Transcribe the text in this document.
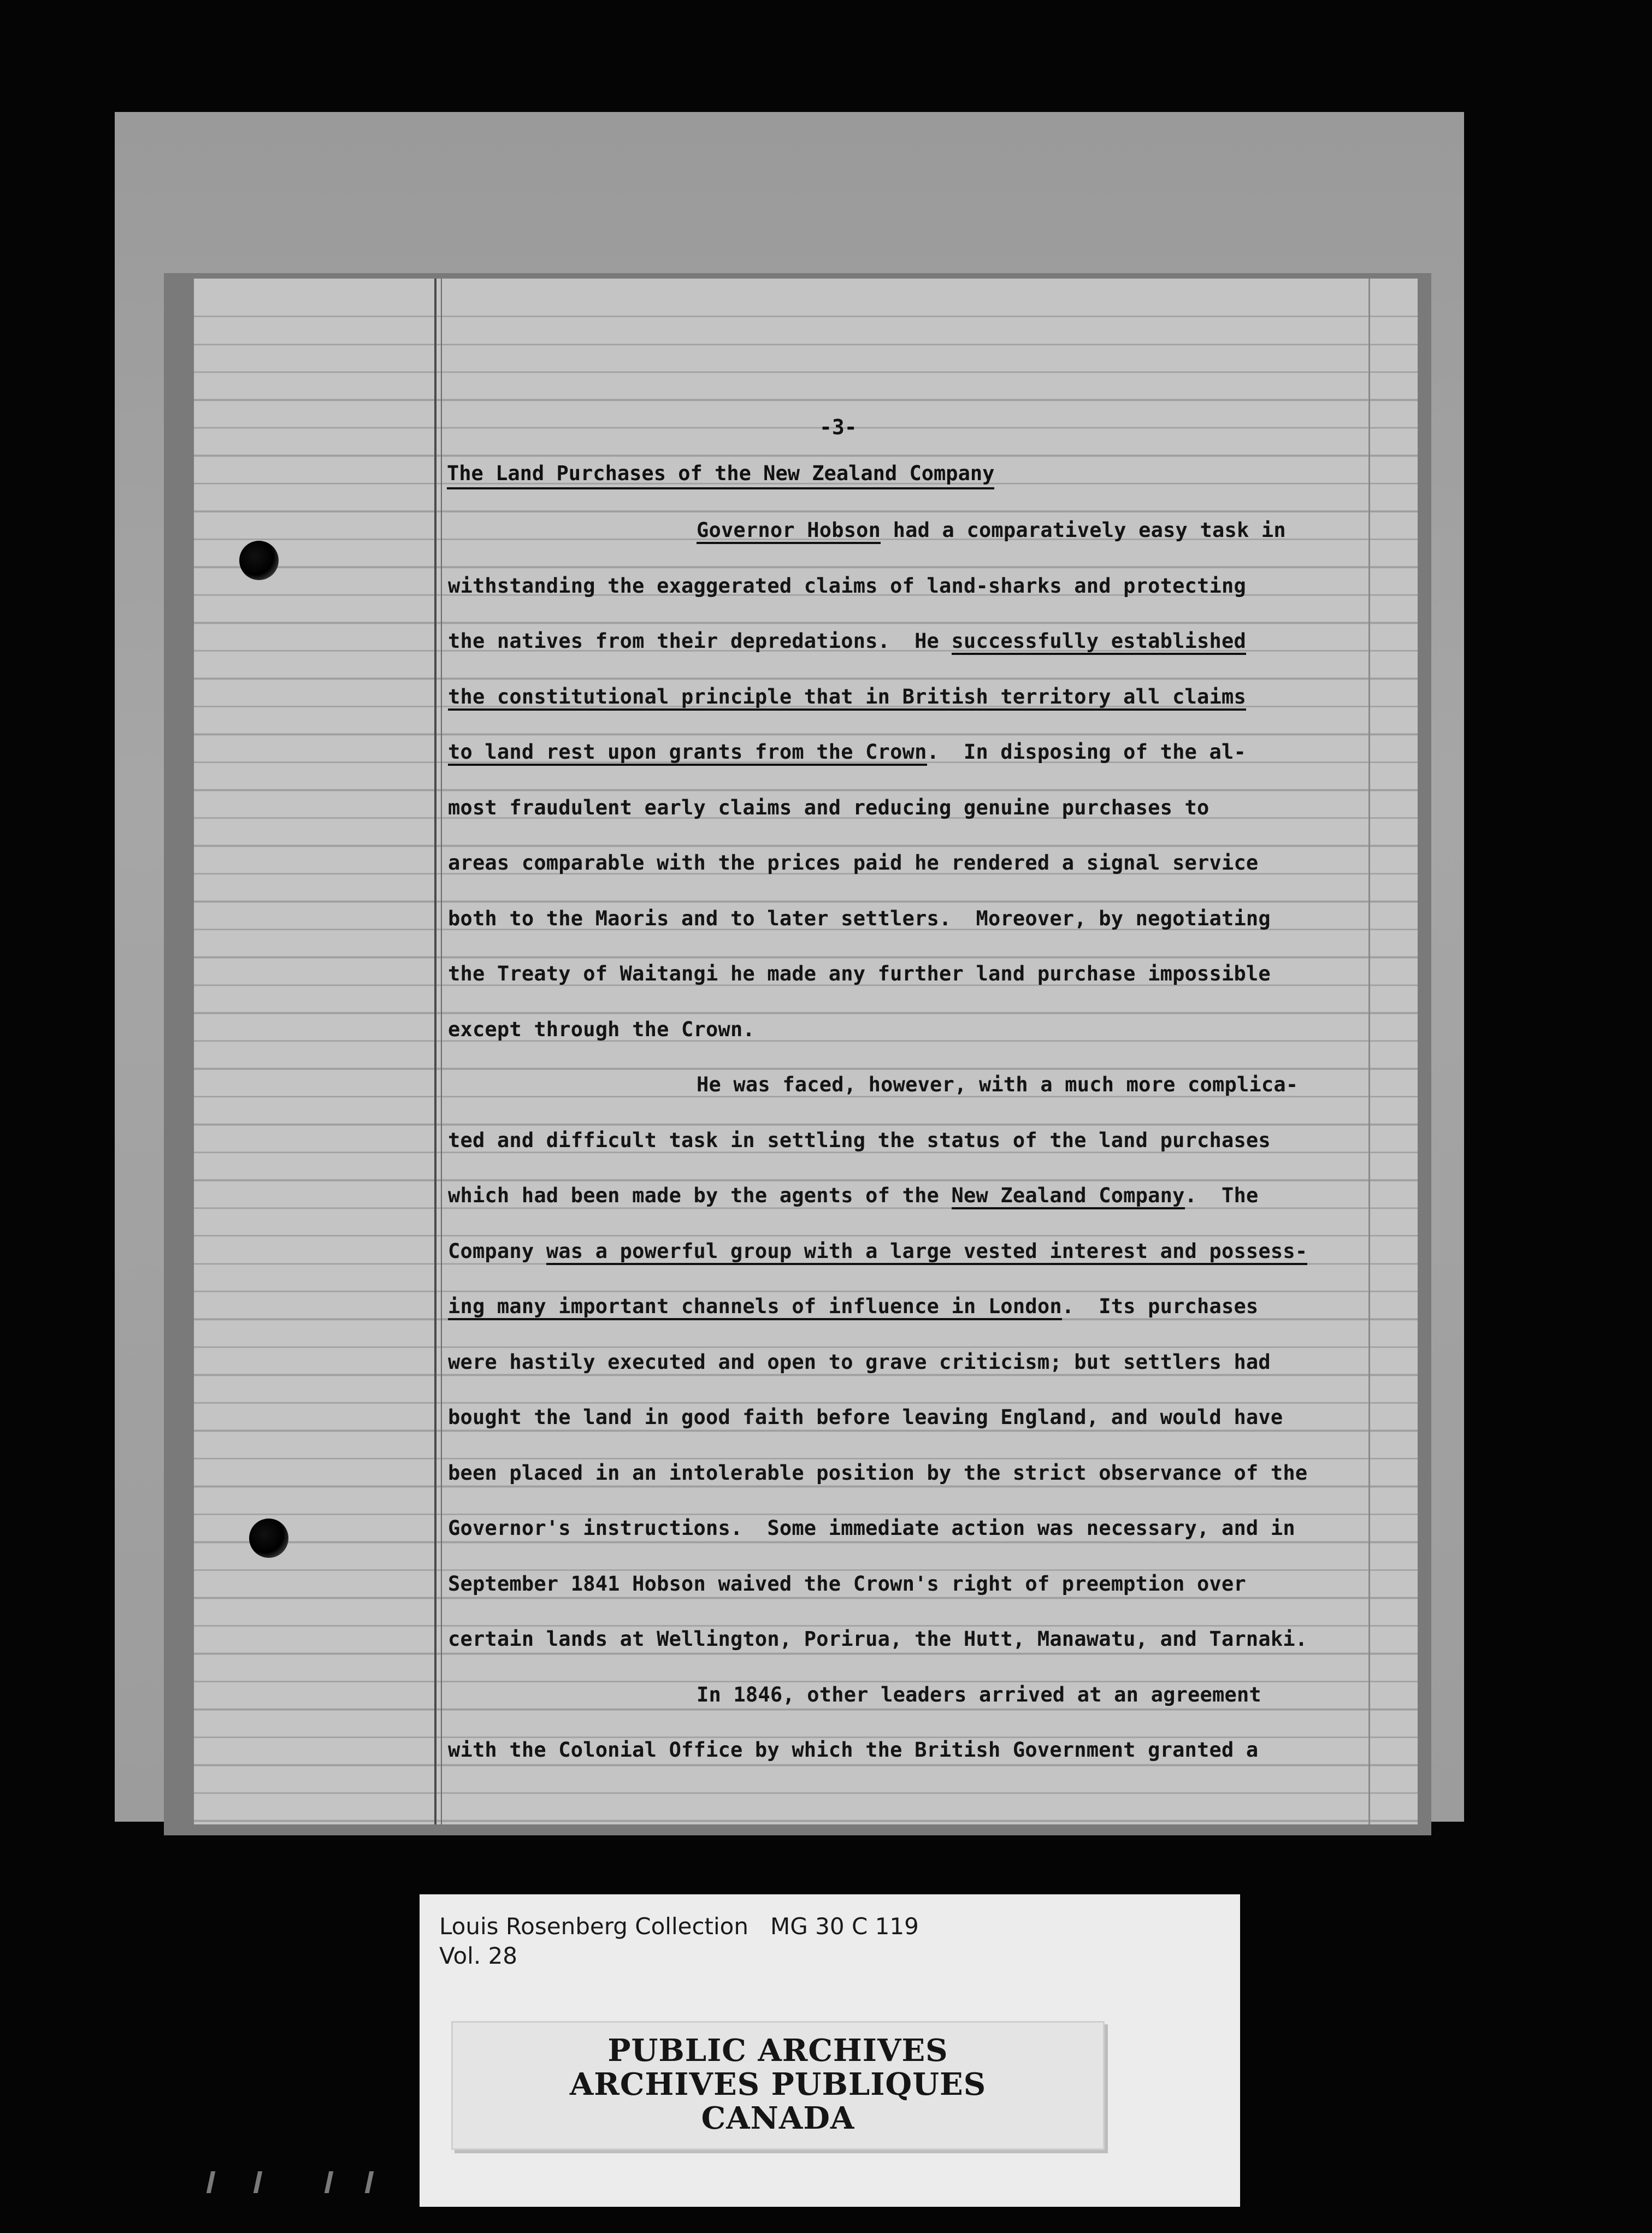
-3-
The Land Purchases of the New Zealand Company
Governor Hobson had a comparatively easy task in
withstanding the exaggerated claims of land-sharks and protecting
the natives from their depredations.  He successfully established
the constitutional principle that in British territory all claims
to land rest upon grants from the Crown.  In disposing of the al-
most fraudulent early claims and reducing genuine purchases to
areas comparable with the prices paid he rendered a signal service
both to the Maoris and to later settlers.  Moreover, by negotiating
the Treaty of Waitangi he made any further land purchase impossible
except through the Crown.
He was faced, however, with a much more complica-
ted and difficult task in settling the status of the land purchases
which had been made by the agents of the New Zealand Company.  The
Company was a powerful group with a large vested interest and possess-
ing many important channels of influence in London.  Its purchases
were hastily executed and open to grave criticism; but settlers had
bought the land in good faith before leaving England, and would have
been placed in an intolerable position by the strict observance of the
Governor's instructions.  Some immediate action was necessary, and in
September 1841 Hobson waived the Crown's right of preemption over
certain lands at Wellington, Porirua, the Hutt, Manawatu, and Tarnaki.
In 1846, other leaders arrived at an agreement
with the Colonial Office by which the British Government granted a
Louis Rosenberg Collection   MG 30 C 119
Vol. 28
PUBLIC ARCHIVES
ARCHIVES PUBLIQUES
CANADA
